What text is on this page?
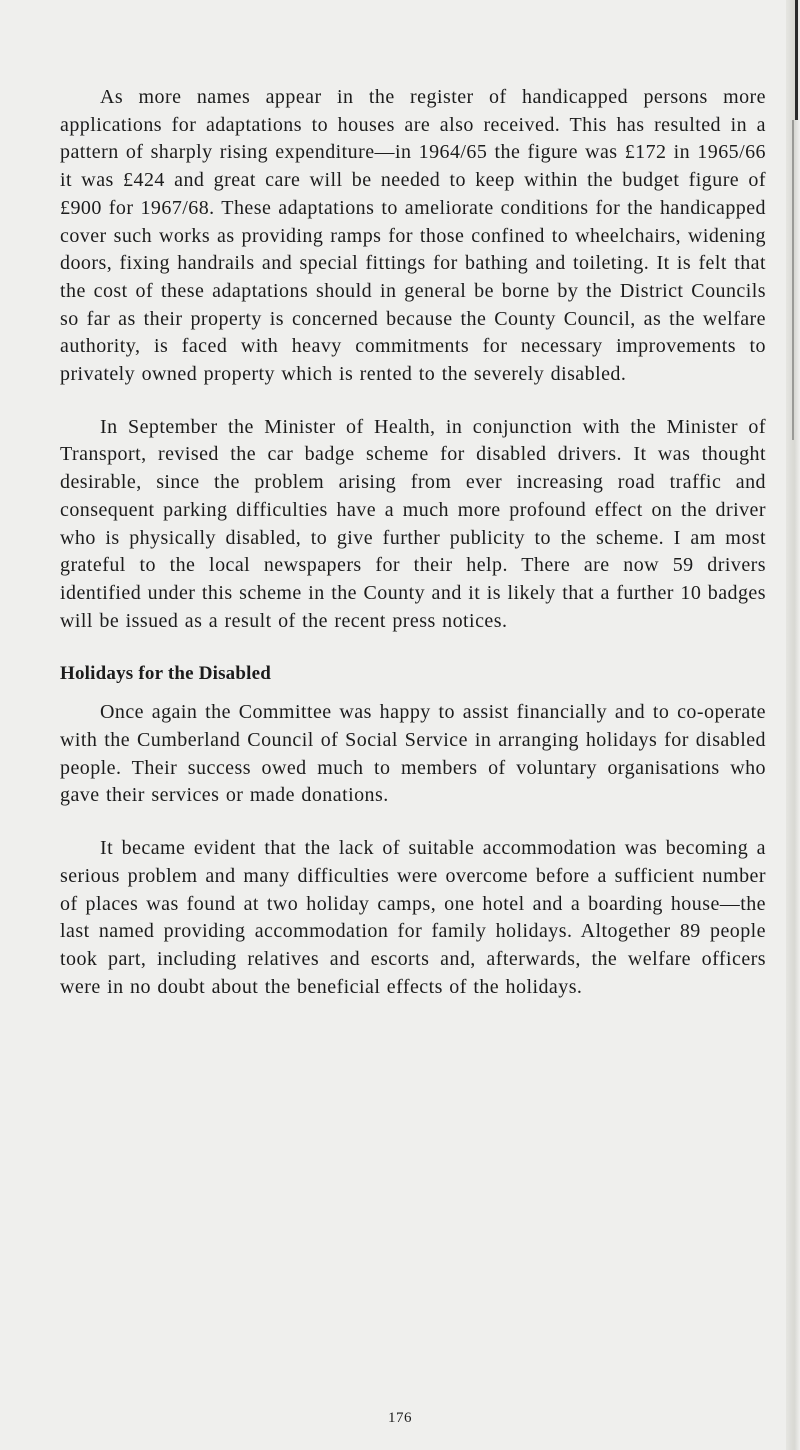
As more names appear in the register of handicapped persons more applications for adaptations to houses are also received. This has resulted in a pattern of sharply rising expenditure—in 1964/65 the figure was £172 in 1965/66 it was £424 and great care will be needed to keep within the budget figure of £900 for 1967/68. These adaptations to ameliorate conditions for the handicapped cover such works as providing ramps for those confined to wheelchairs, widening doors, fixing handrails and special fittings for bathing and toileting. It is felt that the cost of these adaptations should in general be borne by the District Councils so far as their property is concerned because the County Council, as the welfare authority, is faced with heavy commitments for necessary improvements to privately owned property which is rented to the severely disabled.

In September the Minister of Health, in conjunction with the Minister of Transport, revised the car badge scheme for disabled drivers. It was thought desirable, since the problem arising from ever increasing road traffic and consequent parking difficulties have a much more profound effect on the driver who is physically disabled, to give further publicity to the scheme. I am most grateful to the local newspapers for their help. There are now 59 drivers identified under this scheme in the County and it is likely that a further 10 badges will be issued as a result of the recent press notices.

Holidays for the Disabled

Once again the Committee was happy to assist financially and to co-operate with the Cumberland Council of Social Service in arranging holidays for disabled people. Their success owed much to members of voluntary organisations who gave their services or made donations.

It became evident that the lack of suitable accommodation was becoming a serious problem and many difficulties were overcome before a sufficient number of places was found at two holiday camps, one hotel and a boarding house—the last named providing accommodation for family holidays. Altogether 89 people took part, including relatives and escorts and, afterwards, the welfare officers were in no doubt about the beneficial effects of the holidays.

176
